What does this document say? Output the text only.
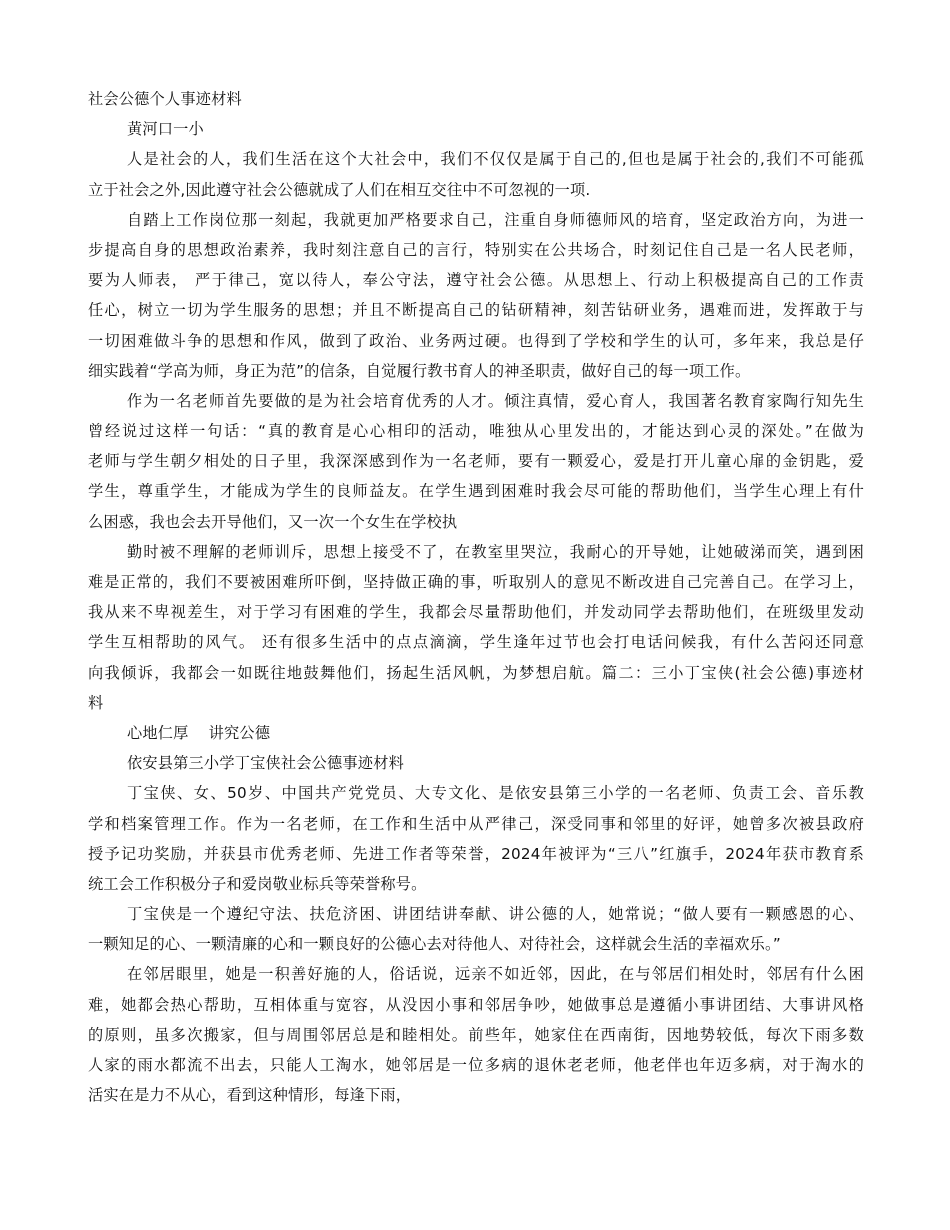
社会公德个人事迹材料
黄河口一小
人是社会的人，我们生活在这个大社会中，我们不仅仅是属于自己的,但也是属于社会的,我们不可能孤
立于社会之外,因此遵守社会公德就成了人们在相互交往中不可忽视的一项.
自踏上工作岗位那一刻起，我就更加严格要求自己，注重自身师德师风的培育，坚定政治方向，为进一
步提高自身的思想政治素养，我时刻注意自己的言行，特别实在公共场合，时刻记住自己是一名人民老师，
要为人师表， 严于律己，宽以待人，奉公守法，遵守社会公德。从思想上、行动上积极提高自己的工作责
任心，树立一切为学生服务的思想；并且不断提高自己的钻研精神，刻苦钻研业务，遇难而进，发挥敢于与
一切困难做斗争的思想和作风，做到了政治、业务两过硬。也得到了学校和学生的认可，多年来，我总是仔
细实践着“学高为师，身正为范”的信条，自觉履行教书育人的神圣职责，做好自己的每一项工作。
作为一名老师首先要做的是为社会培育优秀的人才。倾注真情，爱心育人，我国著名教育家陶行知先生
曾经说过这样一句话：“真的教育是心心相印的活动，唯独从心里发出的，才能达到心灵的深处。”在做为
老师与学生朝夕相处的日子里，我深深感到作为一名老师，要有一颗爱心，爱是打开儿童心扉的金钥匙，爱
学生，尊重学生，才能成为学生的良师益友。在学生遇到困难时我会尽可能的帮助他们，当学生心理上有什
么困惑，我也会去开导他们，又一次一个女生在学校执
勤时被不理解的老师训斥，思想上接受不了，在教室里哭泣，我耐心的开导她，让她破涕而笑，遇到困
难是正常的，我们不要被困难所吓倒，坚持做正确的事，听取别人的意见不断改进自己完善自己。在学习上，
我从来不卑视差生，对于学习有困难的学生，我都会尽量帮助他们，并发动同学去帮助他们，在班级里发动
学生互相帮助的风气。 还有很多生活中的点点滴滴，学生逢年过节也会打电话问候我，有什么苦闷还同意
向我倾诉，我都会一如既往地鼓舞他们，扬起生活风帆，为梦想启航。篇二：三小丁宝侠(社会公德)事迹材
料
心地仁厚    讲究公德
依安县第三小学丁宝侠社会公德事迹材料
丁宝侠、女、50岁、中国共产党党员、大专文化、是依安县第三小学的一名老师、负责工会、音乐教
学和档案管理工作。作为一名老师，在工作和生活中从严律己，深受同事和邻里的好评，她曾多次被县政府
授予记功奖励，并获县市优秀老师、先进工作者等荣誉，2024年被评为“三八”红旗手，2024年获市教育系
统工会工作积极分子和爱岗敬业标兵等荣誉称号。
丁宝侠是一个遵纪守法、扶危济困、讲团结讲奉献、讲公德的人，她常说；“做人要有一颗感恩的心、
一颗知足的心、一颗清廉的心和一颗良好的公德心去对待他人、对待社会，这样就会生活的幸福欢乐。”
在邻居眼里，她是一积善好施的人，俗话说，远亲不如近邻，因此，在与邻居们相处时，邻居有什么困
难，她都会热心帮助，互相体重与宽容，从没因小事和邻居争吵，她做事总是遵循小事讲团结、大事讲风格
的原则，虽多次搬家，但与周围邻居总是和睦相处。前些年，她家住在西南街，因地势较低，每次下雨多数
人家的雨水都流不出去，只能人工淘水，她邻居是一位多病的退休老老师，他老伴也年迈多病，对于淘水的
活实在是力不从心，看到这种情形，每逢下雨，
